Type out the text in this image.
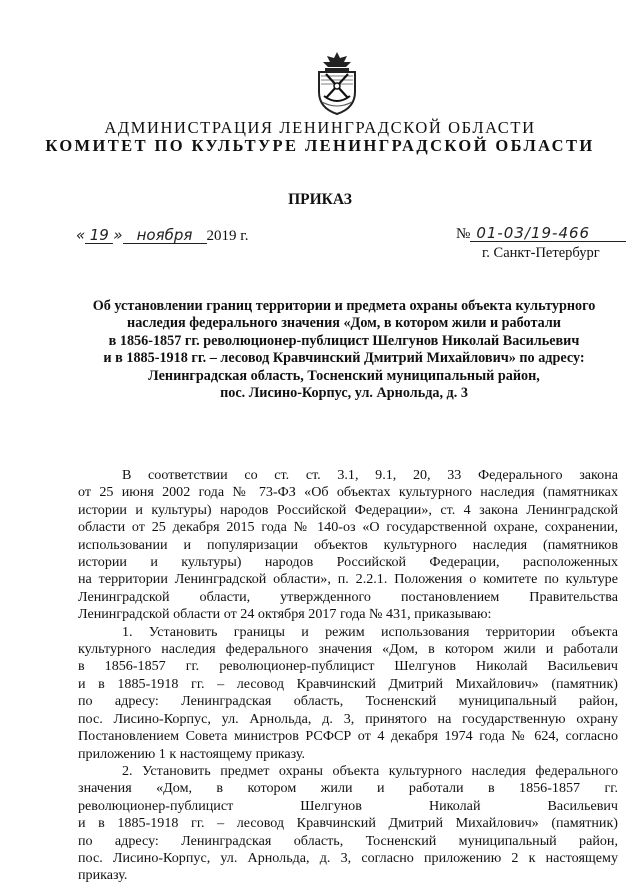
АДМИНИСТРАЦИЯ ЛЕНИНГРАДСКОЙ ОБЛАСТИ
КОМИТЕТ ПО КУЛЬТУРЕ ЛЕНИНГРАДСКОЙ ОБЛАСТИ
ПРИКАЗ
« 19 » ноября 2019 г.	№ 01-03/19-466
г. Санкт-Петербург
Об установлении границ территории и предмета охраны объекта культурного
наследия федерального значения «Дом, в котором жили и работали
в 1856-1857 гг. революционер-публицист Шелгунов Николай Васильевич
и в 1885-1918 гг. – лесовод Кравчинский Дмитрий Михайлович» по адресу:
Ленинградская область, Тосненский муниципальный район,
пос. Лисино-Корпус, ул. Арнольда, д. 3

В соответствии со ст. ст. 3.1, 9.1, 20, 33 Федерального закона
от 25 июня 2002 года № 73-ФЗ «Об объектах культурного наследия (памятниках
истории и культуры) народов Российской Федерации», ст. 4 закона Ленинградской
области от 25 декабря 2015 года № 140-оз «О государственной охране, сохранении,
использовании и популяризации объектов культурного наследия (памятников
истории и культуры) народов Российской Федерации, расположенных
на территории Ленинградской области», п. 2.2.1. Положения о комитете по культуре
Ленинградской области, утвержденного постановлением Правительства
Ленинградской области от 24 октября 2017 года № 431, приказываю:

1. Установить границы и режим использования территории объекта
культурного наследия федерального значения «Дом, в котором жили и работали
в 1856-1857 гг. революционер-публицист Шелгунов Николай Васильевич
и в 1885-1918 гг. – лесовод Кравчинский Дмитрий Михайлович» (памятник)
по адресу: Ленинградская область, Тосненский муниципальный район,
пос. Лисино-Корпус, ул. Арнольда, д. 3, принятого на государственную охрану
Постановлением Совета министров РСФСР от 4 декабря 1974 года № 624, согласно
приложению 1 к настоящему приказу.

2. Установить предмет охраны объекта культурного наследия федерального
значения «Дом, в котором жили и работали в 1856-1857 гг.
революционер-публицист Шелгунов Николай Васильевич
и в 1885-1918 гг. – лесовод Кравчинский Дмитрий Михайлович» (памятник)
по адресу: Ленинградская область, Тосненский муниципальный район,
пос. Лисино-Корпус, ул. Арнольда, д. 3, согласно приложению 2 к настоящему
приказу.
